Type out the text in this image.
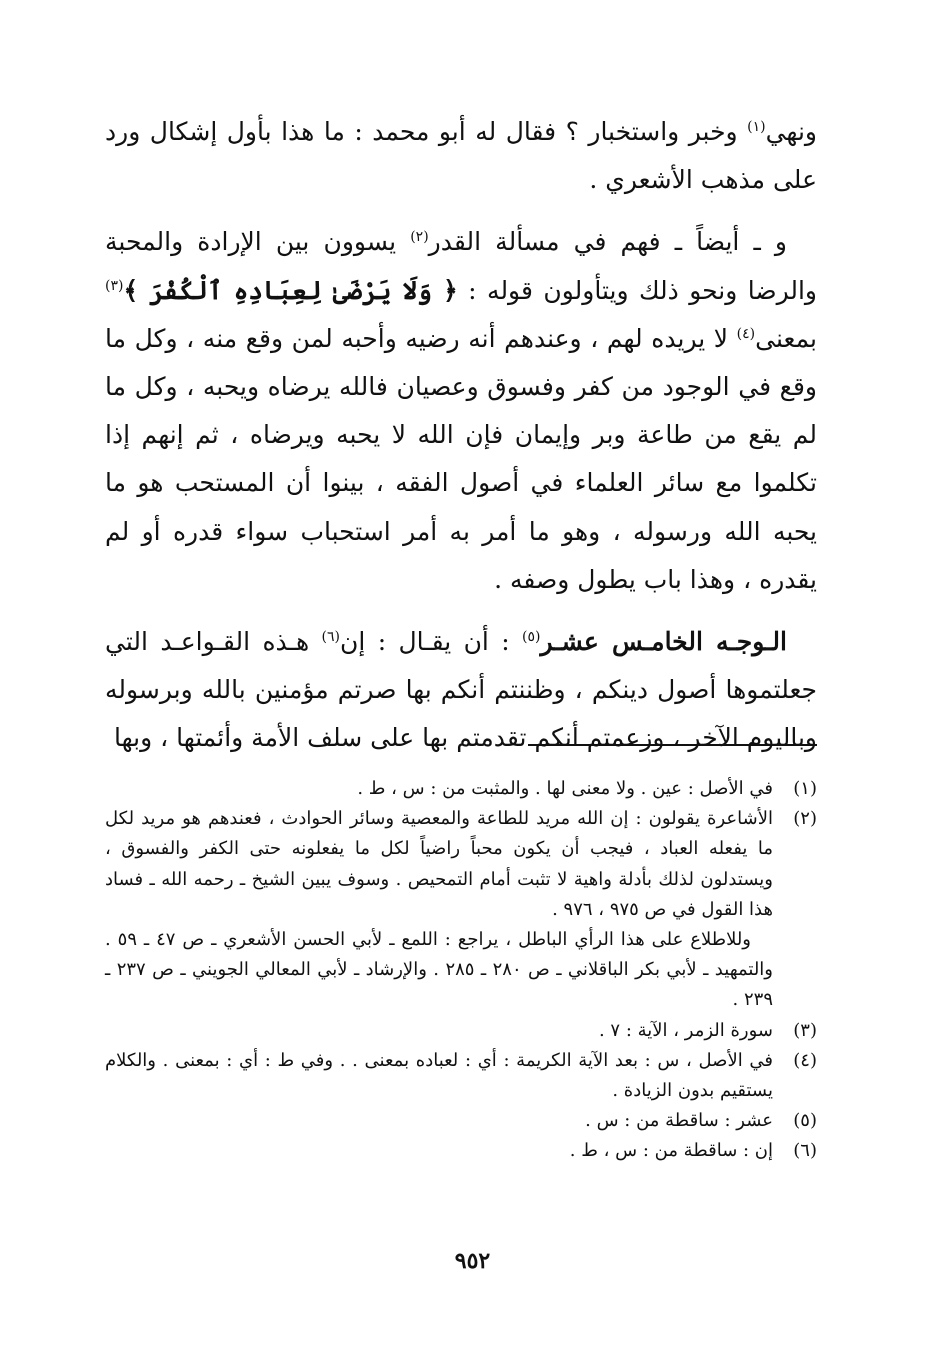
ونهي$^{(١)}$ وخبر واستخبار ؟ فقال له أبو محمد : ما هذا بأول إشكال ورد على مذهب الأشعري .

و ـ أيضاً ـ فهم في مسألة القدر$^{(٢)}$ يسوون بين الإرادة والمحبة والرضا ونحو ذلك ويتأولون قوله : ﴿ وَلَا يَرْضَىٰ لِعِبَادِهِ ٱلْكُفْرَ ﴾$^{(٣)}$ بمعنى$^{(٤)}$ لا يريده لهم ، وعندهم أنه رضيه وأحبه لمن وقع منه ، وكل ما وقع في الوجود من كفر وفسوق وعصيان فالله يرضاه ويحبه ، وكل ما لم يقع من طاعة وبر وإيمان فإن الله لا يحبه ويرضاه ، ثم إنهم إذا تكلموا مع سائر العلماء في أصول الفقه ، بينوا أن المستحب هو ما يحبه الله ورسوله ، وهو ما أمر به أمر استحباب سواء قدره أو لم يقدره ، وهذا باب يطول وصفه .

الـوجـه الخامـس عشـر$^{(٥)}$ : أن يقـال : إن$^{(٦)}$ هـذه القـواعـد التي جعلتموها أصول دينكم ، وظننتم أنكم بها صرتم مؤمنين بالله وبرسوله وباليوم الآخر ، وزعمتم أنكم تقدمتم بها على سلف الأمة وأئمتها ، وبها

(١)
في الأصل : عين . ولا معنى لها . والمثبت من : س ، ط .
(٢)

الأشاعرة يقولون : إن الله مريد للطاعة والمعصية وسائر الحوادث ، فعندهم هو مريد لكل ما يفعله العباد ، فيجب أن يكون محباً راضياً لكل ما يفعلونه حتى الكفر والفسوق ، ويستدلون لذلك بأدلة واهية لا تثبت أمام التمحيص . وسوف يبين الشيخ ـ رحمه الله ـ فساد هذا القول في ص ٩٧٥ ، ٩٧٦ .

وللاطلاع على هذا الرأي الباطل ، يراجع : اللمع ـ لأبي الحسن الأشعري ـ ص ٤٧ ـ ٥٩ . والتمهيد ـ لأبي بكر الباقلاني ـ ص ٢٨٠ ـ ٢٨٥ . والإرشاد ـ لأبي المعالي الجويني ـ ص ٢٣٧ ـ ٢٣٩ .

(٣)
سورة الزمر ، الآية : ٧ .
(٤)
في الأصل ، س : بعد الآية الكريمة : أي : لعباده بمعنى . . وفي ط : أي : بمعنى . والكلام يستقيم بدون الزيادة .
(٥)
عشر : ساقطة من : س .
(٦)
إن : ساقطة من : س ، ط .
٩٥٢
